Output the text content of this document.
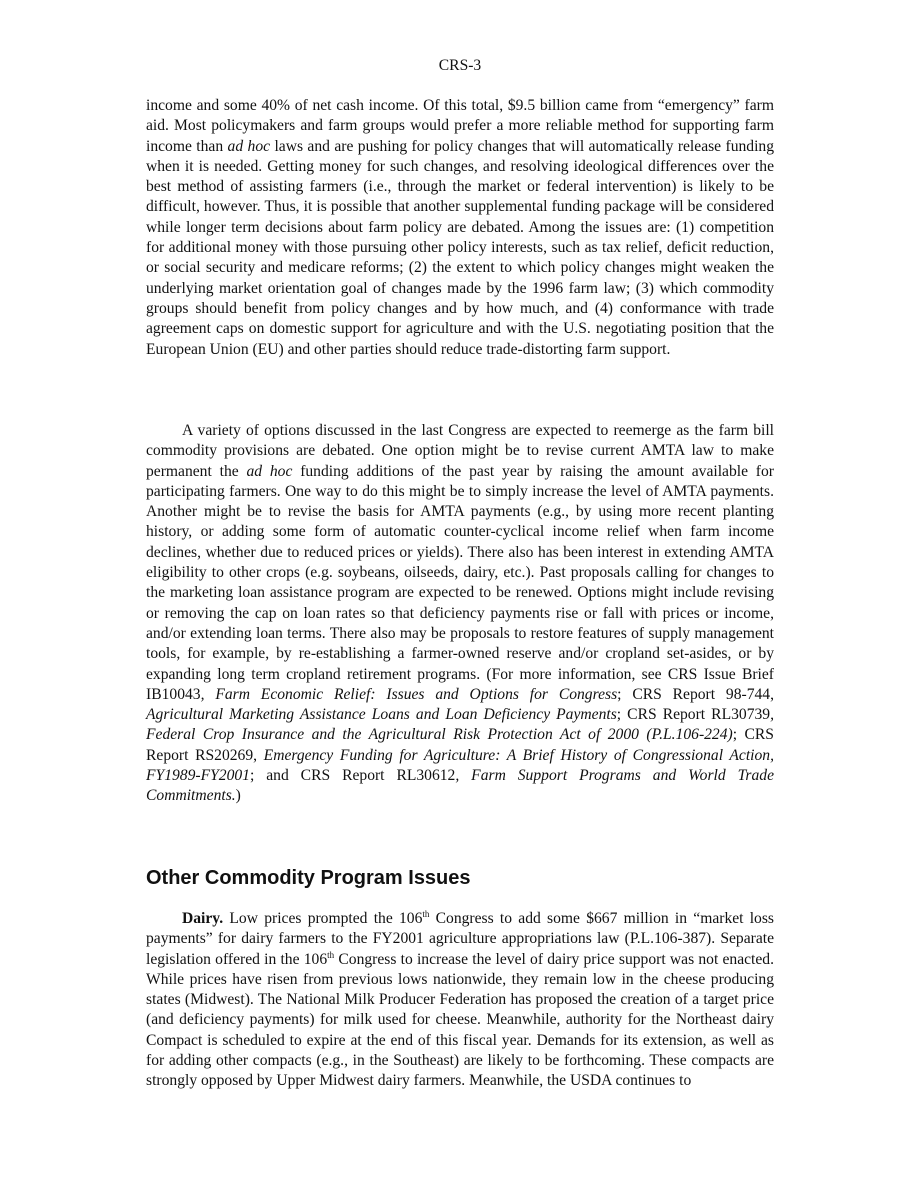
CRS-3

income and some 40% of net cash income. Of this total, $9.5 billion came from “emergency” farm aid. Most policymakers and farm groups would prefer a more reliable method for supporting farm income than ad hoc laws and are pushing for policy changes that will automatically release funding when it is needed. Getting money for such changes, and resolving ideological differences over the best method of assisting farmers (i.e., through the market or federal intervention) is likely to be difficult, however. Thus, it is possible that another supplemental funding package will be considered while longer term decisions about farm policy are debated. Among the issues are: (1) competition for additional money with those pursuing other policy interests, such as tax relief, deficit reduction, or social security and medicare reforms; (2) the extent to which policy changes might weaken the underlying market orientation goal of changes made by the 1996 farm law; (3) which commodity groups should benefit from policy changes and by how much, and (4) conformance with trade agreement caps on domestic support for agriculture and with the U.S. negotiating position that the European Union (EU) and other parties should reduce trade-distorting farm support.

A variety of options discussed in the last Congress are expected to reemerge as the farm bill commodity provisions are debated. One option might be to revise current AMTA law to make permanent the ad hoc funding additions of the past year by raising the amount available for participating farmers. One way to do this might be to simply increase the level of AMTA payments. Another might be to revise the basis for AMTA payments (e.g., by using more recent planting history, or adding some form of automatic counter-cyclical income relief when farm income declines, whether due to reduced prices or yields). There also has been interest in extending AMTA eligibility to other crops (e.g. soybeans, oilseeds, dairy, etc.). Past proposals calling for changes to the marketing loan assistance program are expected to be renewed. Options might include revising or removing the cap on loan rates so that deficiency payments rise or fall with prices or income, and/or extending loan terms. There also may be proposals to restore features of supply management tools, for example, by re-establishing a farmer-owned reserve and/or cropland set-asides, or by expanding long term cropland retirement programs. (For more information, see CRS Issue Brief IB10043, Farm Economic Relief: Issues and Options for Congress; CRS Report 98-744, Agricultural Marketing Assistance Loans and Loan Deficiency Payments; CRS Report RL30739, Federal Crop Insurance and the Agricultural Risk Protection Act of 2000 (P.L.106-224); CRS Report RS20269, Emergency Funding for Agriculture: A Brief History of Congressional Action, FY1989-FY2001; and CRS Report RL30612, Farm Support Programs and World Trade Commitments.)

Other Commodity Program Issues

Dairy. Low prices prompted the 106th Congress to add some $667 million in “market loss payments” for dairy farmers to the FY2001 agriculture appropriations law (P.L.106-387). Separate legislation offered in the 106th Congress to increase the level of dairy price support was not enacted. While prices have risen from previous lows nationwide, they remain low in the cheese producing states (Midwest). The National Milk Producer Federation has proposed the creation of a target price (and deficiency payments) for milk used for cheese. Meanwhile, authority for the Northeast dairy Compact is scheduled to expire at the end of this fiscal year. Demands for its extension, as well as for adding other compacts (e.g., in the Southeast) are likely to be forthcoming. These compacts are strongly opposed by Upper Midwest dairy farmers. Meanwhile, the USDA continues to
